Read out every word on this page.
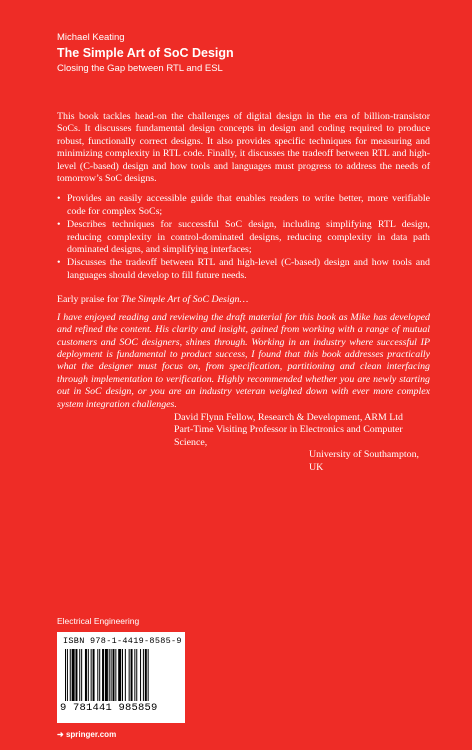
Michael Keating
The Simple Art of SoC Design
Closing the Gap between RTL and ESL

This book tackles head-on the challenges of digital design in the era of billion-transistor SoCs. It discusses fundamental design concepts in design and coding required to produce robust, functionally correct designs. It also provides specific techniques for measuring and minimizing complexity in RTL code. Finally, it discusses the tradeoff between RTL and high-level (C-based) design and how tools and languages must progress to address the needs of tomorrow’s SoC designs.

• Provides an easily accessible guide that enables readers to write better, more verifiable code for complex SoCs;
• Describes techniques for successful SoC design, including simplifying RTL design, reducing complexity in control-dominated designs, reducing complexity in data path dominated designs, and simplifying interfaces;
• Discusses the tradeoff between RTL and high-level (C-based) design and how tools and languages should develop to fill future needs.

Early praise for The Simple Art of SoC Design…

I have enjoyed reading and reviewing the draft material for this book as Mike has developed and refined the content. His clarity and insight, gained from working with a range of mutual customers and SOC designers, shines through. Working in an industry where successful IP deployment is fundamental to product success, I found that this book addresses practically what the designer must focus on, from specification, partitioning and clean interfacing through implementation to verification. Highly recommended whether you are newly starting out in SoC design, or you are an industry veteran weighed down with ever more complex system integration challenges.

David Flynn Fellow, Research & Development, ARM Ltd
Part-Time Visiting Professor in Electronics and Computer Science,
University of Southampton, UK
Electrical Engineering
ISBN 978-1-4419-8585-9
9 781441 985859
➜ springer.com
